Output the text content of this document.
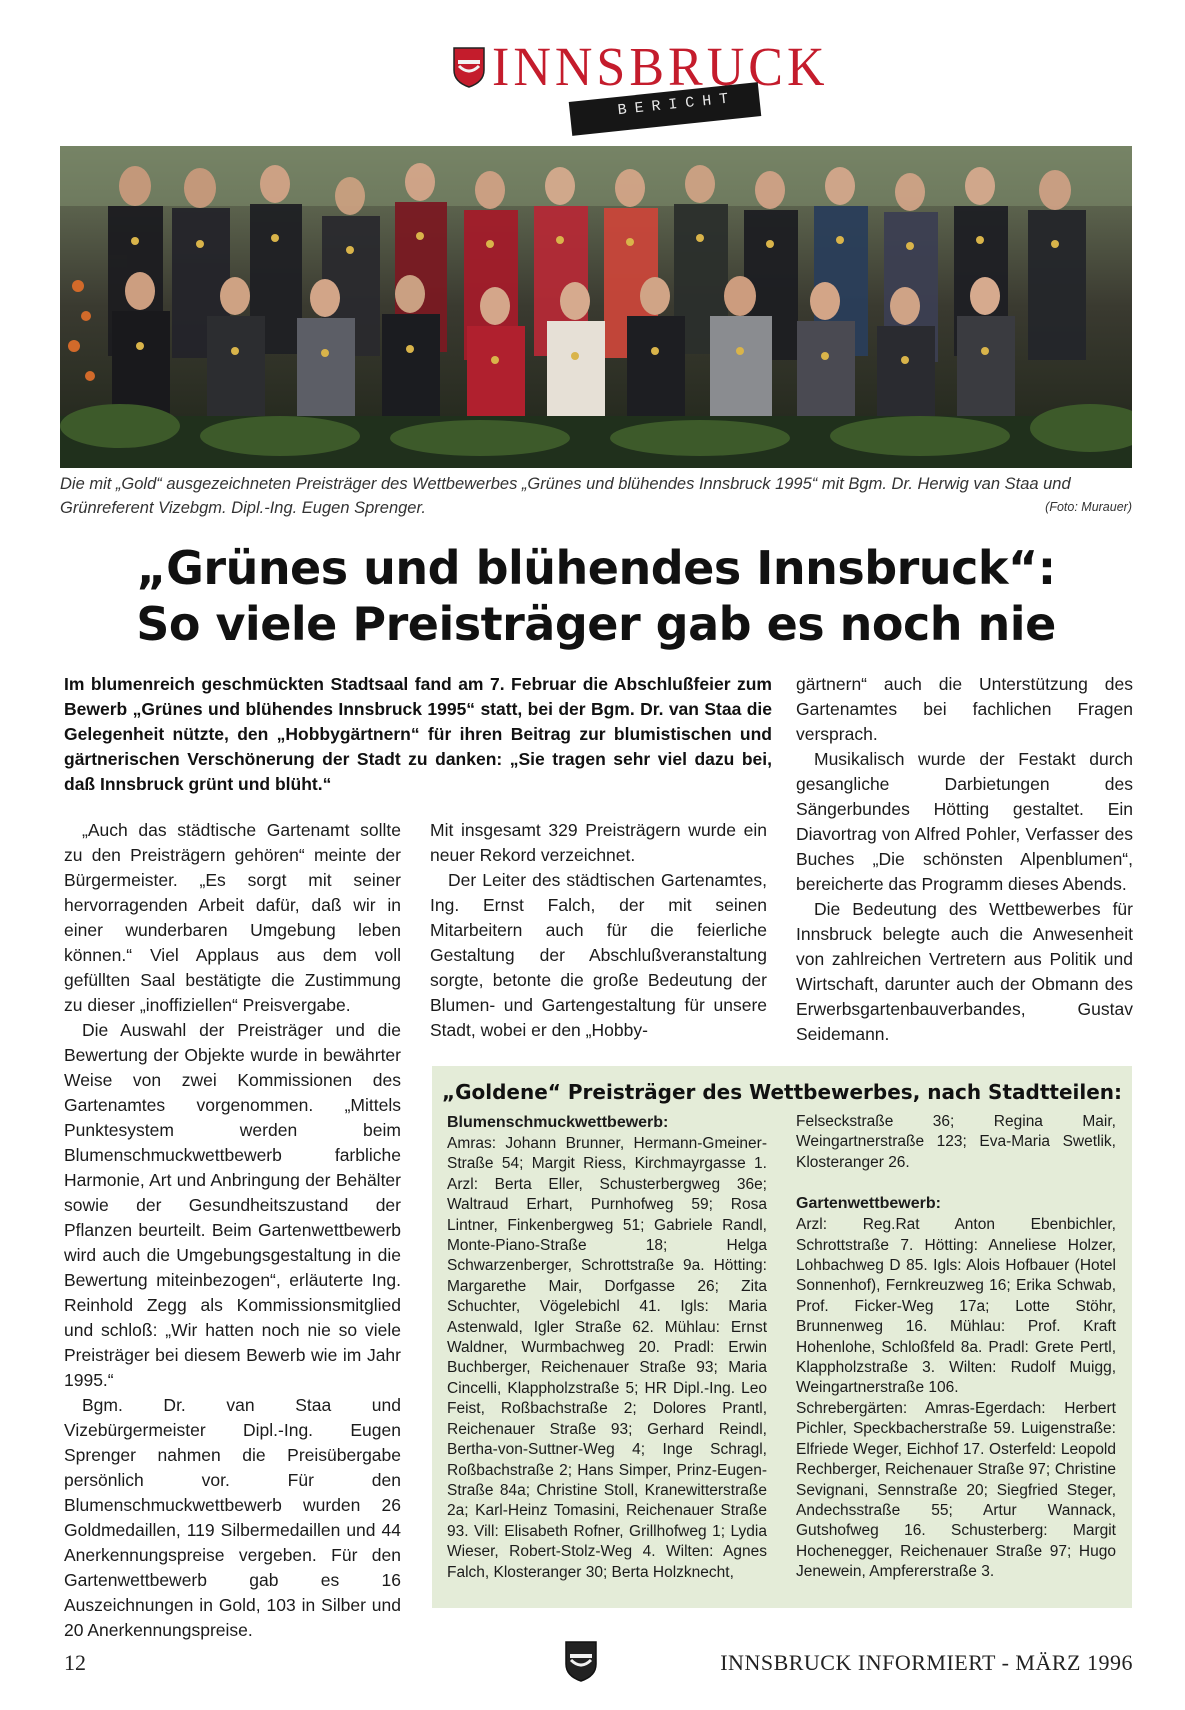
INNSBRUCK
BERICHT
Die mit „Gold“ ausgezeichneten Preisträger des Wettbewerbes „Grünes und blühendes Innsbruck 1995“ mit Bgm. Dr. Herwig van Staa und Grünreferent Vizebgm. Dipl.-Ing. Eugen Sprenger.	(Foto: Murauer)
„Grünes und blühendes Innsbruck“:
So viele Preisträger gab es noch nie
Im blumenreich geschmückten Stadtsaal fand am 7. Februar die Abschlußfeier zum Bewerb „Grünes und blühendes Innsbruck 1995“ statt, bei der Bgm. Dr. van Staa die Gelegenheit nützte, den „Hobbygärtnern“ für ihren Beitrag zur blumistischen und gärtnerischen Verschönerung der Stadt zu danken: „Sie tragen sehr viel dazu bei, daß Innsbruck grünt und blüht.“

„Auch das städtische Gartenamt sollte zu den Preisträgern gehören“ meinte der Bürgermeister. „Es sorgt mit seiner hervorragenden Arbeit dafür, daß wir in einer wunderbaren Umgebung leben können.“ Viel Applaus aus dem voll gefüllten Saal bestätigte die Zustimmung zu dieser „inoffiziellen“ Preisvergabe.

Die Auswahl der Preisträger und die Bewertung der Objekte wurde in bewährter Weise von zwei Kommissionen des Gartenamtes vorgenommen. „Mittels Punktesystem werden beim Blumenschmuckwettbewerb farbliche Harmonie, Art und Anbringung der Behälter sowie der Gesundheitszustand der Pflanzen beurteilt. Beim Gartenwettbewerb wird auch die Umgebungsgestaltung in die Bewertung miteinbezogen“, erläuterte Ing. Reinhold Zegg als Kommissionsmitglied und schloß: „Wir hatten noch nie so viele Preisträger bei diesem Bewerb wie im Jahr 1995.“

Bgm. Dr. van Staa und Vizebürgermeister Dipl.-Ing. Eugen Sprenger nahmen die Preisübergabe persönlich vor. Für den Blumenschmuckwettbewerb wurden 26 Goldmedaillen, 119 Silbermedaillen und 44 Anerkennungspreise vergeben. Für den Gartenwettbewerb gab es 16 Auszeichnungen in Gold, 103 in Silber und 20 Anerkennungspreise.

Mit insgesamt 329 Preisträgern wurde ein neuer Rekord verzeichnet.

Der Leiter des städtischen Gartenamtes, Ing. Ernst Falch, der mit seinen Mitarbeitern auch für die feierliche Gestaltung der Abschlußveranstaltung sorgte, betonte die große Bedeutung der Blumen- und Gartengestaltung für unsere Stadt, wobei er den „Hobby-

gärtnern“ auch die Unterstützung des Gartenamtes bei fachlichen Fragen versprach.

Musikalisch wurde der Festakt durch gesangliche Darbietungen des Sängerbundes Hötting gestaltet. Ein Diavortrag von Alfred Pohler, Verfasser des Buches „Die schönsten Alpenblumen“, bereicherte das Programm dieses Abends.

Die Bedeutung des Wettbewerbes für Innsbruck belegte auch die Anwesenheit von zahlreichen Vertretern aus Politik und Wirtschaft, darunter auch der Obmann des Erwerbsgartenbauverbandes, Gustav Seidemann.

„Goldene“ Preisträger des Wettbewerbes, nach Stadtteilen:
Blumenschmuckwettbewerb:
Amras: Johann Brunner, Hermann-Gmeiner-Straße 54; Margit Riess, Kirchmayrgasse 1. Arzl: Berta Eller, Schusterbergweg 36e; Waltraud Erhart, Purnhofweg 59; Rosa Lintner, Finkenbergweg 51; Gabriele Randl, Monte-Piano-Straße 18; Helga Schwarzenberger, Schrottstraße 9a. Hötting: Margarethe Mair, Dorfgasse 26; Zita Schuchter, Vögelebichl 41. Igls: Maria Astenwald, Igler Straße 62. Mühlau: Ernst Waldner, Wurmbachweg 20. Pradl: Erwin Buchberger, Reichenauer Straße 93; Maria Cincelli, Klappholzstraße 5; HR Dipl.-Ing. Leo Feist, Roßbachstraße 2; Dolores Prantl, Reichenauer Straße 93; Gerhard Reindl, Bertha-von-Suttner-Weg 4; Inge Schragl, Roßbachstraße 2; Hans Simper, Prinz-Eugen-Straße 84a; Christine Stoll, Kranewitterstraße 2a; Karl-Heinz Tomasini, Reichenauer Straße 93. Vill: Elisabeth Rofner, Grillhofweg 1; Lydia Wieser, Robert-Stolz-Weg 4. Wilten: Agnes Falch, Klosteranger 30; Berta Holzknecht,
Felseckstraße 36; Regina Mair, Weingartnerstraße 123; Eva-Maria Swetlik, Klosteranger 26.
Gartenwettbewerb:
Arzl: Reg.Rat Anton Ebenbichler, Schrottstraße 7. Hötting: Anneliese Holzer, Lohbachweg D 85. Igls: Alois Hofbauer (Hotel Sonnenhof), Fernkreuzweg 16; Erika Schwab, Prof. Ficker-Weg 17a; Lotte Stöhr, Brunnenweg 16. Mühlau: Prof. Kraft Hohenlohe, Schloßfeld 8a. Pradl: Grete Pertl, Klappholzstraße 3. Wilten: Rudolf Muigg, Weingartnerstraße 106.
Schrebergärten: Amras-Egerdach: Herbert Pichler, Speckbacherstraße 59. Luigenstraße: Elfriede Weger, Eichhof 17. Osterfeld: Leopold Rechberger, Reichenauer Straße 97; Christine Sevignani, Sennstraße 20; Siegfried Steger, Andechsstraße 55; Artur Wannack, Gutshofweg 16. Schusterberg: Margit Hochenegger, Reichenauer Straße 97; Hugo Jenewein, Ampfererstraße 3.
12	INNSBRUCK INFORMIERT - MÄRZ 1996
